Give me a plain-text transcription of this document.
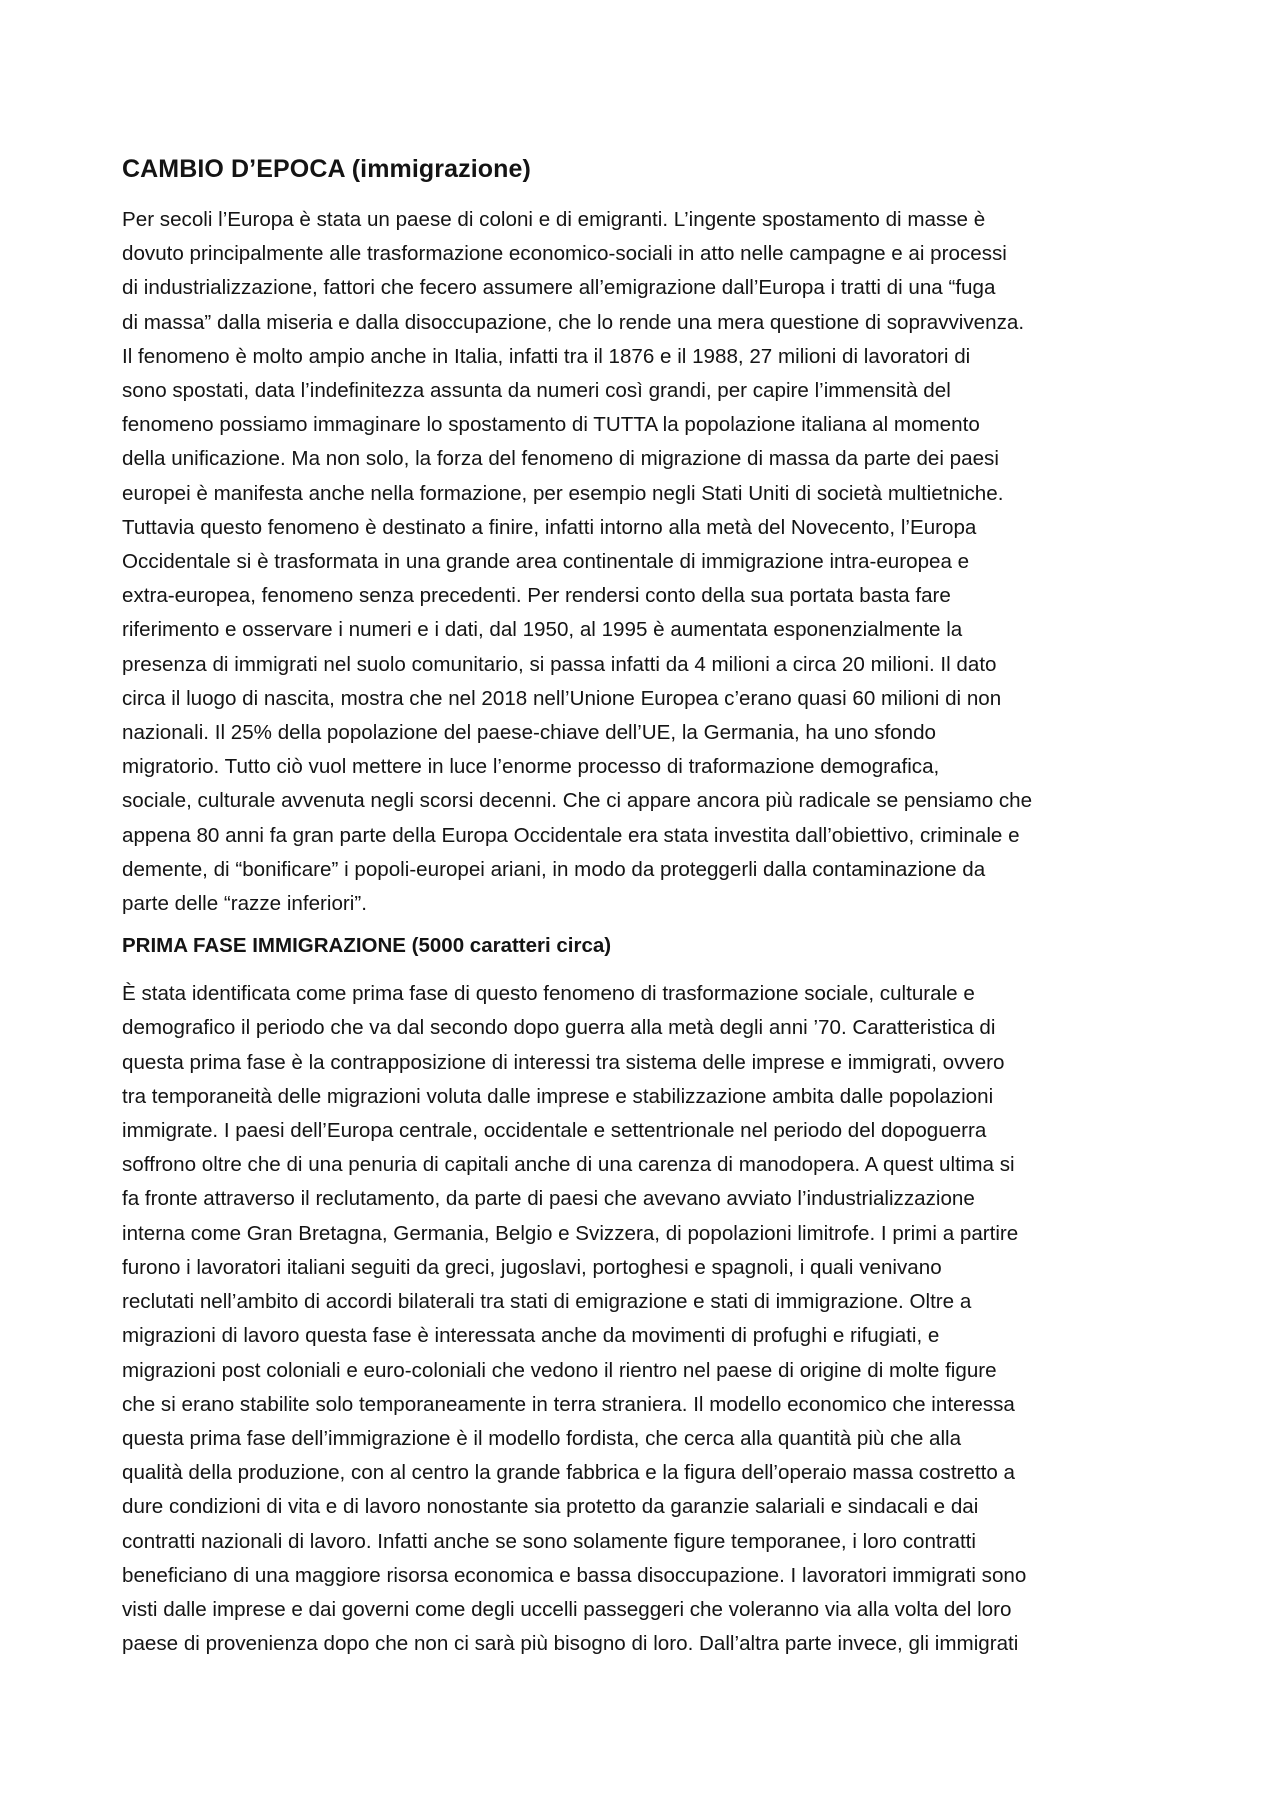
CAMBIO D’EPOCA (immigrazione)
Per secoli l’Europa è stata un paese di coloni e di emigranti. L’ingente spostamento di masse è
dovuto principalmente alle trasformazione economico-sociali in atto nelle campagne e ai processi
di industrializzazione, fattori che fecero assumere all’emigrazione dall’Europa i tratti di una “fuga
di massa” dalla miseria e dalla disoccupazione, che lo rende una mera questione di sopravvivenza.
Il fenomeno è molto ampio anche in Italia, infatti tra il 1876 e il 1988, 27 milioni di lavoratori di
sono spostati, data l’indefinitezza assunta da numeri così grandi, per capire l’immensità del
fenomeno possiamo immaginare lo spostamento di TUTTA la popolazione italiana al momento
della unificazione. Ma non solo, la forza del fenomeno di migrazione di massa da parte dei paesi
europei è manifesta anche nella formazione, per esempio negli Stati Uniti di società multietniche.
Tuttavia questo fenomeno è destinato a finire, infatti intorno alla metà del Novecento, l’Europa
Occidentale si è trasformata in una grande area continentale di immigrazione intra-europea e
extra-europea, fenomeno senza precedenti. Per rendersi conto della sua portata basta fare
riferimento e osservare i numeri e i dati, dal 1950, al 1995 è aumentata esponenzialmente la
presenza di immigrati nel suolo comunitario, si passa infatti da 4 milioni a circa 20 milioni. Il dato
circa il luogo di nascita, mostra che nel 2018 nell’Unione Europea c’erano quasi 60 milioni di non
nazionali. Il 25% della popolazione del paese-chiave dell’UE, la Germania, ha uno sfondo
migratorio. Tutto ciò vuol mettere in luce l’enorme processo di traformazione demografica,
sociale, culturale avvenuta negli scorsi decenni. Che ci appare ancora più radicale se pensiamo che
appena 80 anni fa gran parte della Europa Occidentale era stata investita dall’obiettivo, criminale e
demente, di “bonificare” i popoli-europei ariani, in modo da proteggerli dalla contaminazione da
parte delle “razze inferiori”.
PRIMA FASE IMMIGRAZIONE (5000 caratteri circa)
È stata identificata come prima fase di questo fenomeno di trasformazione sociale, culturale e
demografico il periodo che va dal secondo dopo guerra alla metà degli anni ’70. Caratteristica di
questa prima fase è la contrapposizione di interessi tra sistema delle imprese e immigrati, ovvero
tra temporaneità delle migrazioni voluta dalle imprese e stabilizzazione ambita dalle popolazioni
immigrate. I paesi dell’Europa centrale, occidentale e settentrionale nel periodo del dopoguerra
soffrono oltre che di una penuria di capitali anche di una carenza di manodopera. A quest ultima si
fa fronte attraverso il reclutamento, da parte di paesi che avevano avviato l’industrializzazione
interna come Gran Bretagna, Germania, Belgio e Svizzera, di popolazioni limitrofe. I primi a partire
furono i lavoratori italiani seguiti da greci, jugoslavi, portoghesi e spagnoli, i quali venivano
reclutati nell’ambito di accordi bilaterali tra stati di emigrazione e stati di immigrazione. Oltre a
migrazioni di lavoro questa fase è interessata anche da movimenti di profughi e rifugiati, e
migrazioni post coloniali e euro-coloniali che vedono il rientro nel paese di origine di molte figure
che si erano stabilite solo temporaneamente in terra straniera. Il modello economico che interessa
questa prima fase dell’immigrazione è il modello fordista, che cerca alla quantità più che alla
qualità della produzione, con al centro la grande fabbrica e la figura dell’operaio massa costretto a
dure condizioni di vita e di lavoro nonostante sia protetto da garanzie salariali e sindacali e dai
contratti nazionali di lavoro. Infatti anche se sono solamente figure temporanee, i loro contratti
beneficiano di una maggiore risorsa economica e bassa disoccupazione. I lavoratori immigrati sono
visti dalle imprese e dai governi come degli uccelli passeggeri che voleranno via alla volta del loro
paese di provenienza dopo che non ci sarà più bisogno di loro. Dall’altra parte invece, gli immigrati
